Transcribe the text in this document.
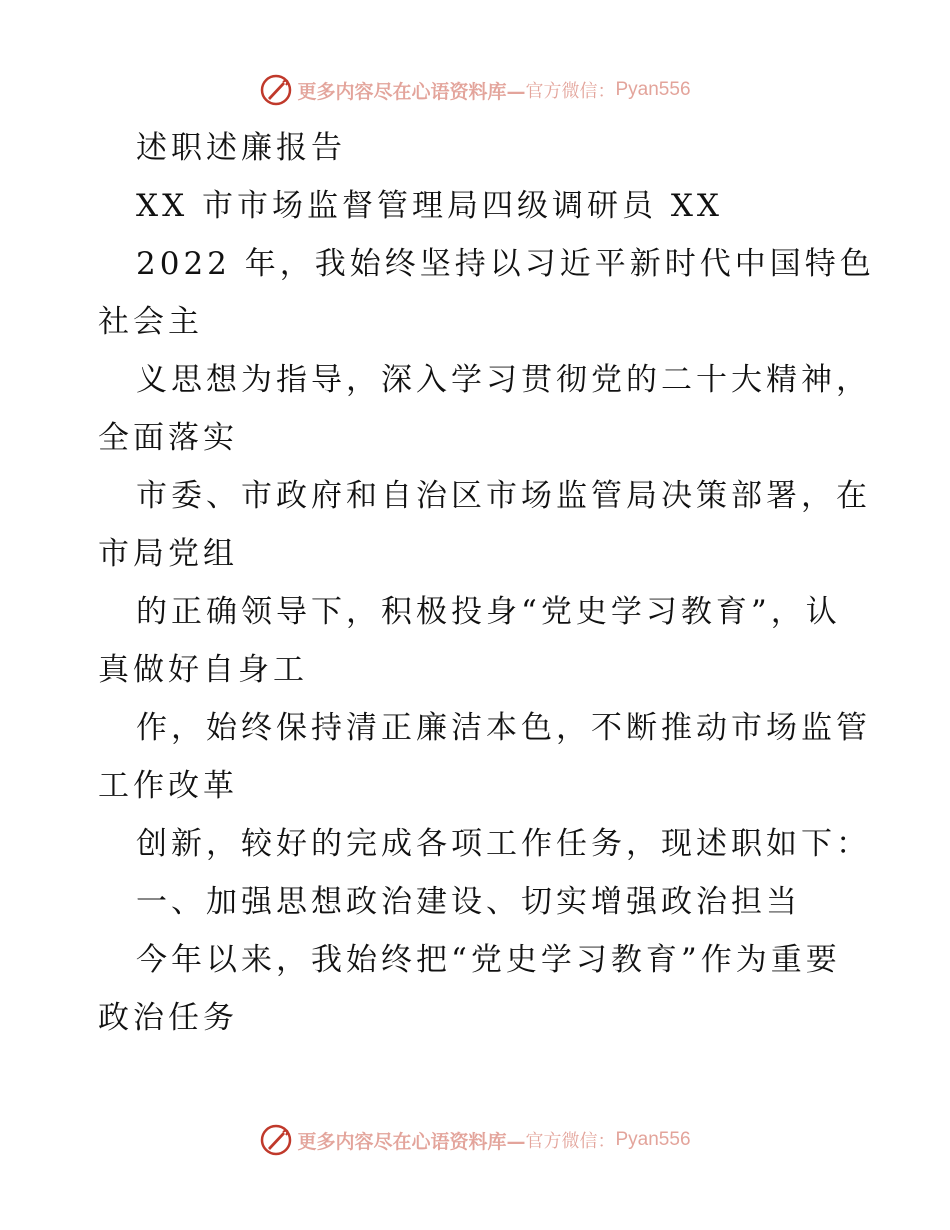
更多内容尽在心语资料库— 官方微信： Pyan556
述职述廉报告
XX 市市场监督管理局四级调研员 XX
2022 年，我始终坚持以习近平新时代中国特色
社会主
义思想为指导，深入学习贯彻党的二十大精神，
全面落实
市委、市政府和自治区市场监管局决策部署，在
市局党组
的正确领导下，积极投身“党史学习教育”，认
真做好自身工
作，始终保持清正廉洁本色，不断推动市场监管
工作改革
创新，较好的完成各项工作任务，现述职如下：
一、加强思想政治建设、切实增强政治担当
今年以来，我始终把“党史学习教育”作为重要
政治任务
更多内容尽在心语资料库— 官方微信： Pyan556
